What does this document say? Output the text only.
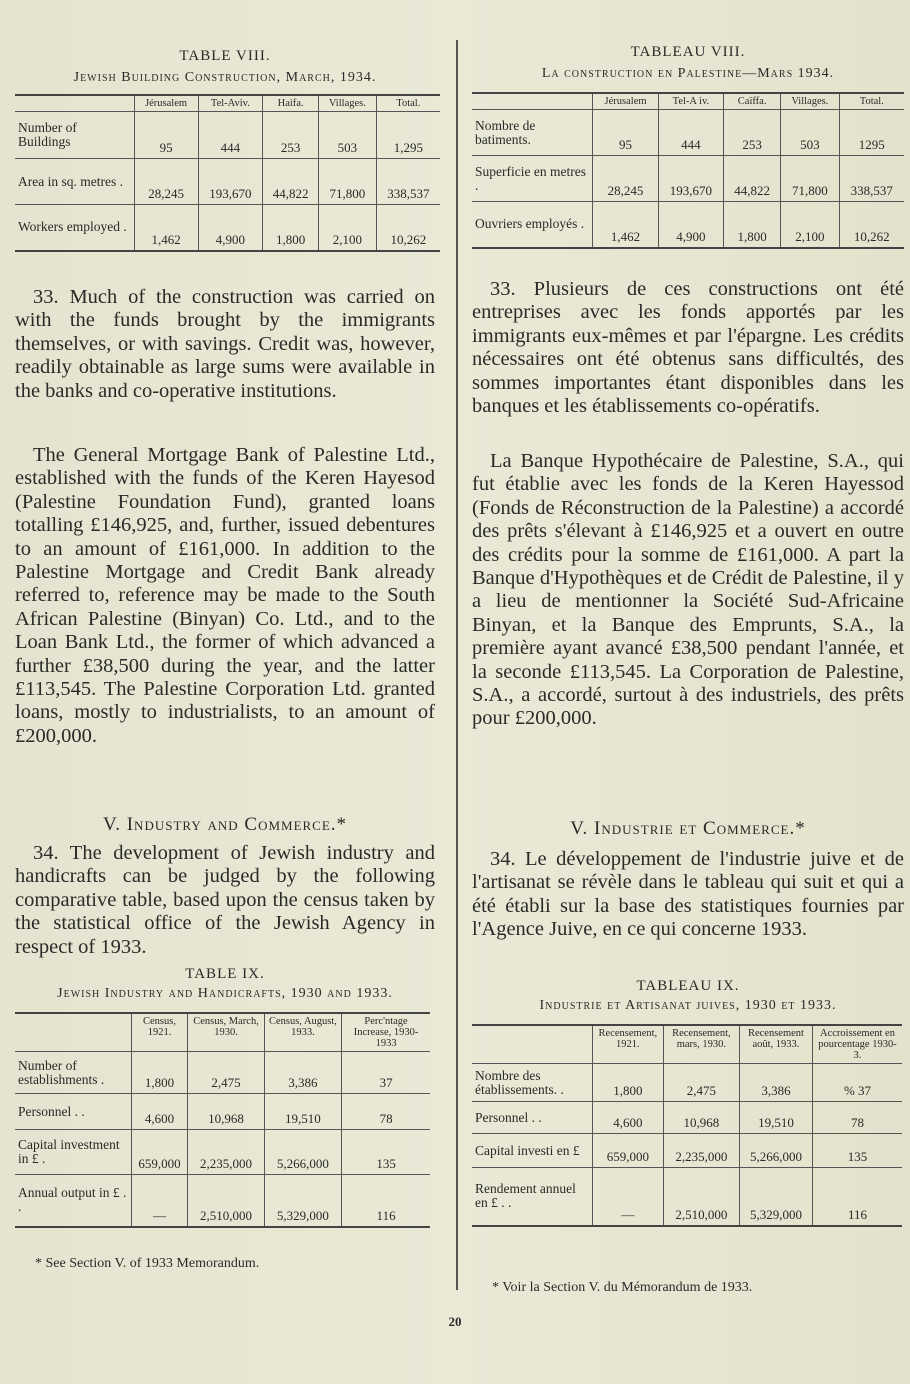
TABLE VIII.
Jewish Building Construction, March, 1934.
	Jérusalem	Tel-Aviv.	Haifa.	Villages.	Total.
Number of Buildings	95	444	253	503	1,295
Area in sq. metres .	28,245	193,670	44,822	71,800	338,537
Workers employed .	1,462	4,900	1,800	2,100	10,262
33. Much of the construction was carried on with the funds brought by the immigrants themselves, or with savings. Credit was, however, readily obtainable as large sums were available in the banks and co-operative institutions.
The General Mortgage Bank of Palestine Ltd., established with the funds of the Keren Hayesod (Palestine Foundation Fund), granted loans totalling £146,925, and, further, issued debentures to an amount of £161,000. In addition to the Palestine Mortgage and Credit Bank already referred to, reference may be made to the South African Palestine (Binyan) Co. Ltd., and to the Loan Bank Ltd., the former of which advanced a further £38,500 during the year, and the latter £113,545. The Palestine Corporation Ltd. granted loans, mostly to industrialists, to an amount of £200,000.
V. Industry and Commerce.*
34. The development of Jewish industry and handicrafts can be judged by the following comparative table, based upon the census taken by the statistical office of the Jewish Agency in respect of 1933.
TABLE IX.
Jewish Industry and Handicrafts, 1930 and 1933.
	Census, 1921.	Census, March, 1930.	Census, August, 1933.	Perc'ntage Increase, 1930-1933
Number of establishments .	1,800	2,475	3,386	37
Personnel . .	4,600	10,968	19,510	78
Capital investment in £ .	659,000	2,235,000	5,266,000	135
Annual output in £ . .	—	2,510,000	5,329,000	116
* See Section V. of 1933 Memorandum.
TABLEAU VIII.
La construction en Palestine—Mars 1934.
	Jérusalem	Tel-A iv.	Caïffa.	Villages.	Total.
Nombre de batiments.	95	444	253	503	1295
Superficie en metres .	28,245	193,670	44,822	71,800	338,537
Ouvriers employés .	1,462	4,900	1,800	2,100	10,262
33. Plusieurs de ces constructions ont été entreprises avec les fonds apportés par les immigrants eux-mêmes et par l'épargne. Les crédits nécessaires ont été obtenus sans difficultés, des sommes importantes étant disponibles dans les banques et les établissements co-opératifs.
La Banque Hypothécaire de Palestine, S.A., qui fut établie avec les fonds de la Keren Hayessod (Fonds de Réconstruction de la Palestine) a accordé des prêts s'élevant à £146,925 et a ouvert en outre des crédits pour la somme de £161,000. A part la Banque d'Hypothèques et de Crédit de Palestine, il y a lieu de mentionner la Société Sud-Africaine Binyan, et la Banque des Emprunts, S.A., la première ayant avancé £38,500 pendant l'année, et la seconde £113,545. La Corporation de Palestine, S.A., a accordé, surtout à des industriels, des prêts pour £200,000.
V. Industrie et Commerce.*
34. Le développement de l'industrie juive et de l'artisanat se révèle dans le tableau qui suit et qui a été établi sur la base des statistiques fournies par l'Agence Juive, en ce qui concerne 1933.
TABLEAU IX.
Industrie et Artisanat juives, 1930 et 1933.
	Recensement, 1921.	Recensement, mars, 1930.	Recensement août, 1933.	Accroissement en pourcentage 1930-3.
Nombre des établissements. .	1,800	2,475	3,386	% 37
Personnel . .	4,600	10,968	19,510	78
Capital investi en £	659,000	2,235,000	5,266,000	135
Rendement annuel en £ . .	—	2,510,000	5,329,000	116
* Voir la Section V. du Mémorandum de 1933.
20
